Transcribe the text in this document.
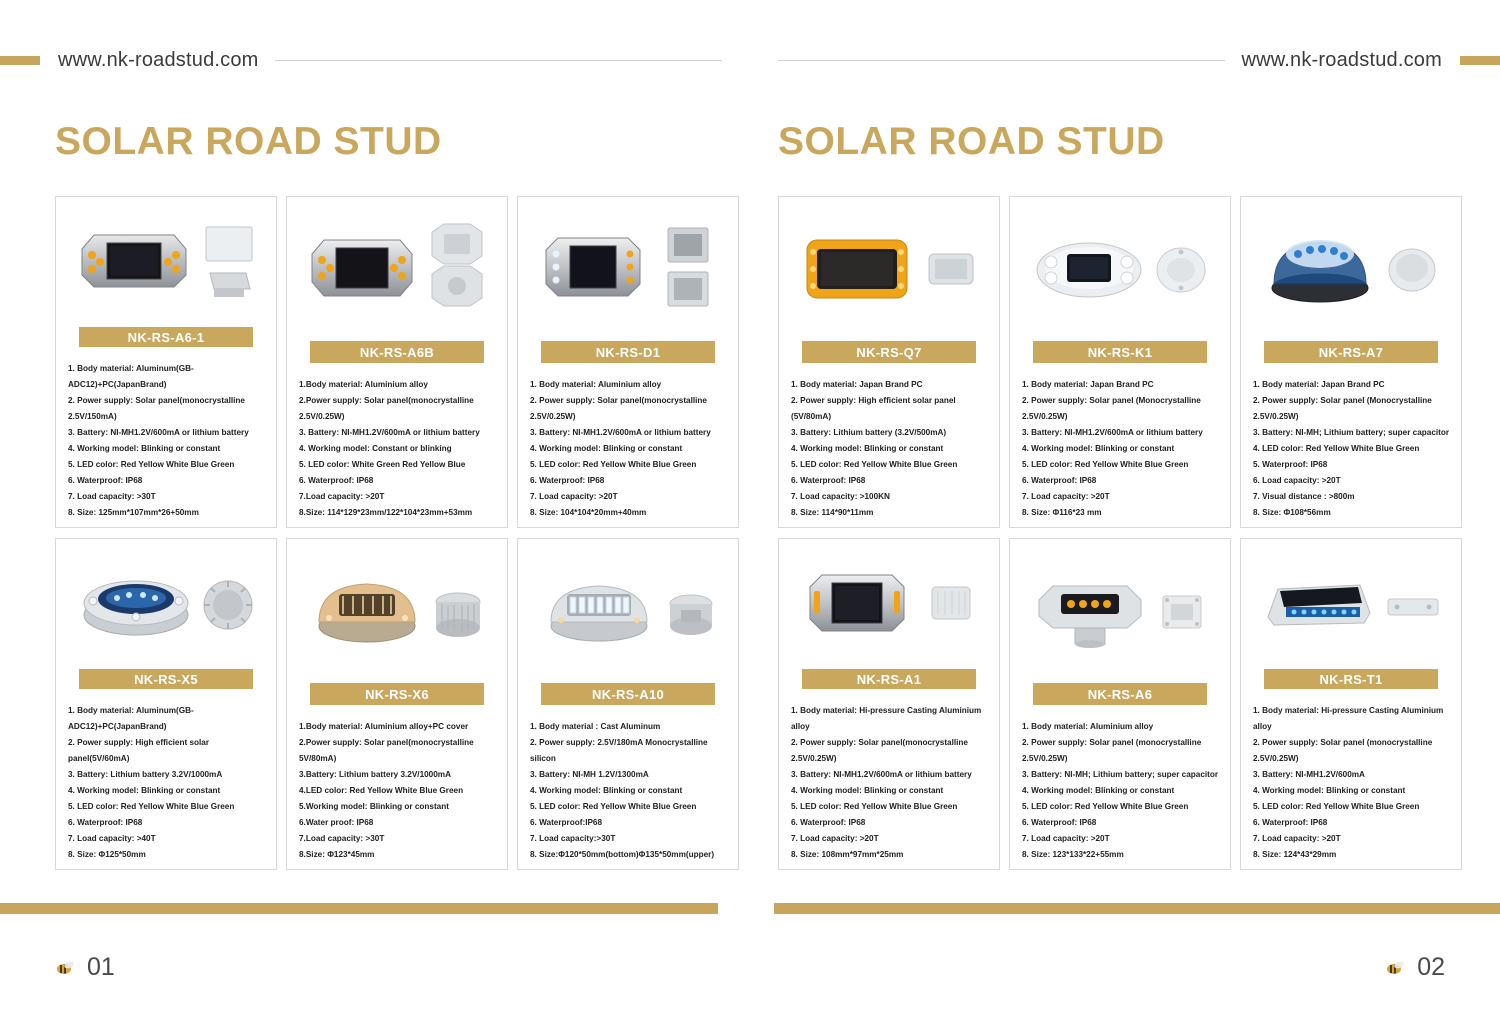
www.nk-roadstud.com
SOLAR ROAD STUD
NK-RS-A6-1
1. Body material: Aluminum(GB-ADC12)+PC(JapanBrand)
2. Power supply: Solar panel(monocrystalline 2.5V/150mA)
3. Battery: NI-MH1.2V/600mA or lithium battery
4. Working model: Blinking or constant
5. LED color: Red Yellow White Blue Green
6. Waterproof: IP68
7. Load capacity: >30T
8. Size: 125mm*107mm*26+50mm
NK-RS-A6B
1.Body material: Aluminium alloy
2.Power supply: Solar panel(monocrystalline 2.5V/0.25W)
3. Battery: NI-MH1.2V/600mA or lithium battery
4. Working model: Constant or blinking
5. LED color: White Green Red Yellow Blue
6. Waterproof: IP68
7.Load capacity: >20T
8.Size: 114*129*23mm/122*104*23mm+53mm
NK-RS-D1
1. Body material: Aluminium alloy
2. Power supply: Solar panel(monocrystalline 2.5V/0.25W)
3. Battery: NI-MH1.2V/600mA or lithium battery
4. Working model: Blinking or constant
5. LED color: Red Yellow White Blue Green
6. Waterproof: IP68
7. Load capacity: >20T
8. Size: 104*104*20mm+40mm
NK-RS-X5
1. Body material: Aluminum(GB-ADC12)+PC(JapanBrand)
2. Power supply: High efficient solar panel(5V/60mA)
3. Battery: Lithium battery 3.2V/1000mA
4. Working model: Blinking or constant
5. LED color: Red Yellow White Blue Green
6. Waterproof: IP68
7. Load capacity: >40T
8. Size: Φ125*50mm
NK-RS-X6
1.Body material: Aluminium alloy+PC cover
2.Power supply: Solar panel(monocrystalline 5V/80mA)
3.Battery: Lithium battery 3.2V/1000mA
4.LED color: Red Yellow White Blue Green
5.Working model: Blinking or constant
6.Water proof: IP68
7.Load capacity: >30T
8.Size: Φ123*45mm
NK-RS-A10
1. Body material : Cast Aluminum
2. Power supply: 2.5V/180mA Monocrystalline silicon
3. Battery: NI-MH 1.2V/1300mA
4. Working model: Blinking or constant
5. LED color: Red Yellow White Blue Green
6. Waterproof:IP68
7. Load capacity:>30T
8. Size:Φ120*50mm(bottom)Φ135*50mm(upper)
01
www.nk-roadstud.com
SOLAR ROAD STUD
NK-RS-Q7
1. Body material: Japan Brand PC
2. Power supply: High efficient solar panel (5V/80mA)
3. Battery: Lithium battery (3.2V/500mA)
4. Working model: Blinking or constant
5. LED color: Red Yellow White Blue Green
6. Waterproof: IP68
7. Load capacity: >100KN
8. Size: 114*90*11mm
NK-RS-K1
1. Body material: Japan Brand PC
2. Power supply: Solar panel (Monocrystalline 2.5V/0.25W)
3. Battery: NI-MH1.2V/600mA or lithium battery
4. Working model: Blinking or constant
5. LED color: Red Yellow White Blue Green
6. Waterproof: IP68
7. Load capacity: >20T
8. Size: Φ116*23 mm
NK-RS-A7
1. Body material: Japan Brand PC
2. Power supply: Solar panel (Monocrystalline 2.5V/0.25W)
3. Battery: NI-MH; Lithium battery; super capacitor
4. LED color: Red Yellow White Blue Green
5. Waterproof: IP68
6. Load capacity: >20T
7. Visual distance : >800m
8. Size: Φ108*56mm
NK-RS-A1
1. Body material: Hi-pressure Casting Aluminium alloy
2. Power supply: Solar panel(monocrystalline 2.5V/0.25W)
3. Battery: NI-MH1.2V/600mA or lithium battery
4. Working model: Blinking or constant
5. LED color: Red Yellow White Blue Green
6. Waterproof: IP68
7. Load capacity: >20T
8. Size: 108mm*97mm*25mm
NK-RS-A6
1. Body material: Aluminium alloy
2. Power supply: Solar panel (monocrystalline 2.5V/0.25W)
3. Battery: NI-MH; Lithium battery; super capacitor
4. Working model: Blinking or constant
5. LED color: Red Yellow White Blue Green
6. Waterproof: IP68
7. Load capacity: >20T
8. Size: 123*133*22+55mm
NK-RS-T1
1. Body material: Hi-pressure Casting Aluminium alloy
2. Power supply: Solar panel (monocrystalline 2.5V/0.25W)
3. Battery: NI-MH1.2V/600mA
4. Working model: Blinking or constant
5. LED color: Red Yellow White Blue Green
6. Waterproof: IP68
7. Load capacity: >20T
8. Size: 124*43*29mm
02
